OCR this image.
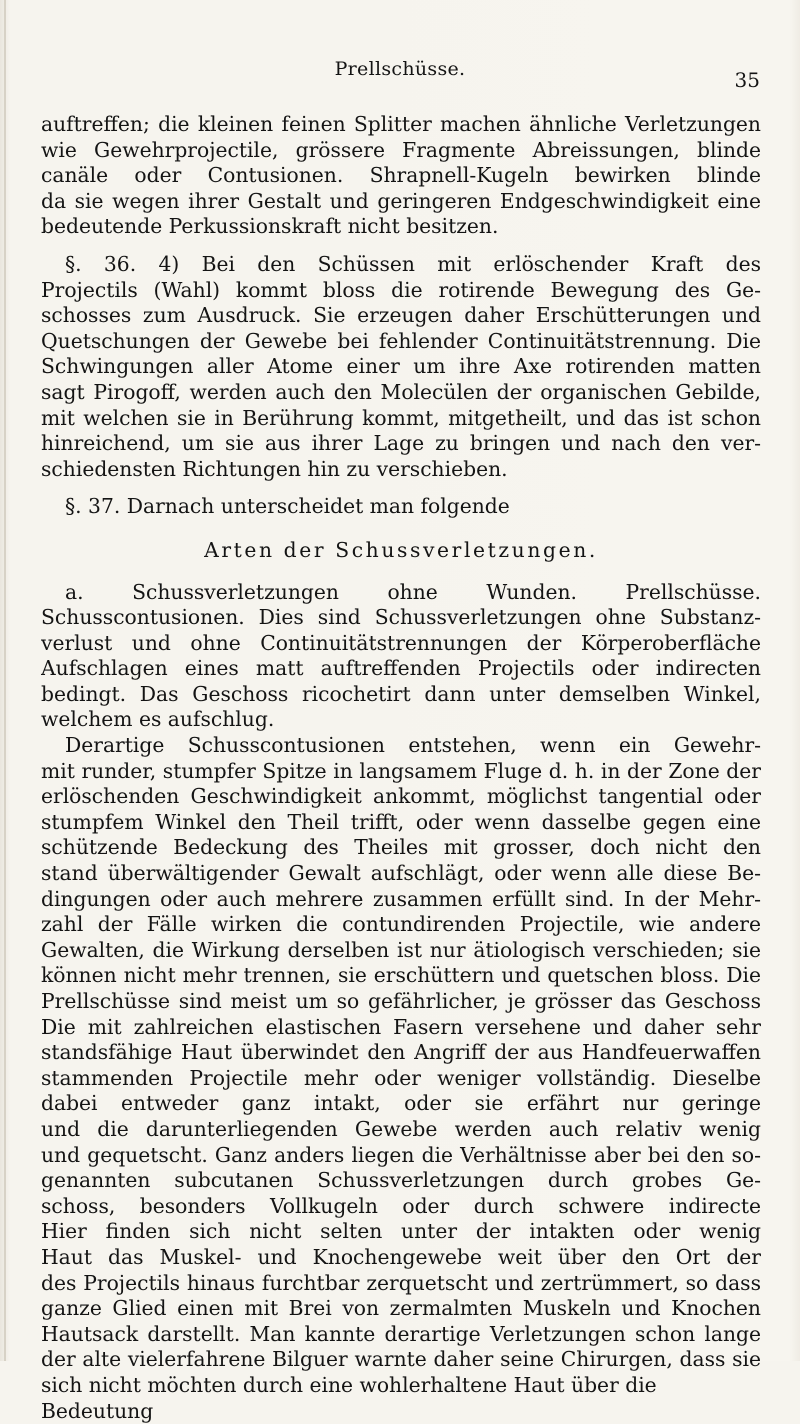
Prellschüsse.	35
auftreffen; die kleinen feinen Splitter machen ähnliche Verletzungen
wie Gewehrprojectile, grössere Fragmente Abreissungen, blinde
canäle oder Contusionen. Shrapnell-Kugeln bewirken blinde
da sie wegen ihrer Gestalt und geringeren Endgeschwindigkeit eine
bedeutende Perkussionskraft nicht besitzen.
§. 36. 4) Bei den Schüssen mit erlöschender Kraft des
Projectils (Wahl) kommt bloss die rotirende Bewegung des Ge-
schosses zum Ausdruck. Sie erzeugen daher Erschütterungen und
Quetschungen der Gewebe bei fehlender Continuitätstrennung. Die
Schwingungen aller Atome einer um ihre Axe rotirenden matten
sagt Pirogoff, werden auch den Molecülen der organischen Gebilde,
mit welchen sie in Berührung kommt, mitgetheilt, und das ist schon
hinreichend, um sie aus ihrer Lage zu bringen und nach den ver-
schiedensten Richtungen hin zu verschieben.
§. 37. Darnach unterscheidet man folgende
Arten der Schussverletzungen.
a. Schussverletzungen ohne Wunden. Prellschüsse.
Schusscontusionen. Dies sind Schussverletzungen ohne Substanz-
verlust und ohne Continuitätstrennungen der Körperoberfläche
Aufschlagen eines matt auftreffenden Projectils oder indirecten
bedingt. Das Geschoss ricochetirt dann unter demselben Winkel,
welchem es aufschlug.
Derartige Schusscontusionen entstehen, wenn ein Gewehr-
mit runder, stumpfer Spitze in langsamem Fluge d. h. in der Zone der
erlöschenden Geschwindigkeit ankommt, möglichst tangential oder
stumpfem Winkel den Theil trifft, oder wenn dasselbe gegen eine
schützende Bedeckung des Theiles mit grosser, doch nicht den
stand überwältigender Gewalt aufschlägt, oder wenn alle diese Be-
dingungen oder auch mehrere zusammen erfüllt sind. In der Mehr-
zahl der Fälle wirken die contundirenden Projectile, wie andere
Gewalten, die Wirkung derselben ist nur ätiologisch verschieden; sie
können nicht mehr trennen, sie erschüttern und quetschen bloss. Die
Prellschüsse sind meist um so gefährlicher, je grösser das Geschoss
Die mit zahlreichen elastischen Fasern versehene und daher sehr
standsfähige Haut überwindet den Angriff der aus Handfeuerwaffen
stammenden Projectile mehr oder weniger vollständig. Dieselbe
dabei entweder ganz intakt, oder sie erfährt nur geringe
und die darunterliegenden Gewebe werden auch relativ wenig
und gequetscht. Ganz anders liegen die Verhältnisse aber bei den so-
genannten subcutanen Schussverletzungen durch grobes Ge-
schoss, besonders Vollkugeln oder durch schwere indirecte
Hier finden sich nicht selten unter der intakten oder wenig
Haut das Muskel- und Knochengewebe weit über den Ort der
des Projectils hinaus furchtbar zerquetscht und zertrümmert, so dass
ganze Glied einen mit Brei von zermalmten Muskeln und Knochen
Hautsack darstellt. Man kannte derartige Verletzungen schon lange
der alte vielerfahrene Bilguer warnte daher seine Chirurgen, dass sie
sich nicht möchten durch eine wohlerhaltene Haut über die Bedeutung
